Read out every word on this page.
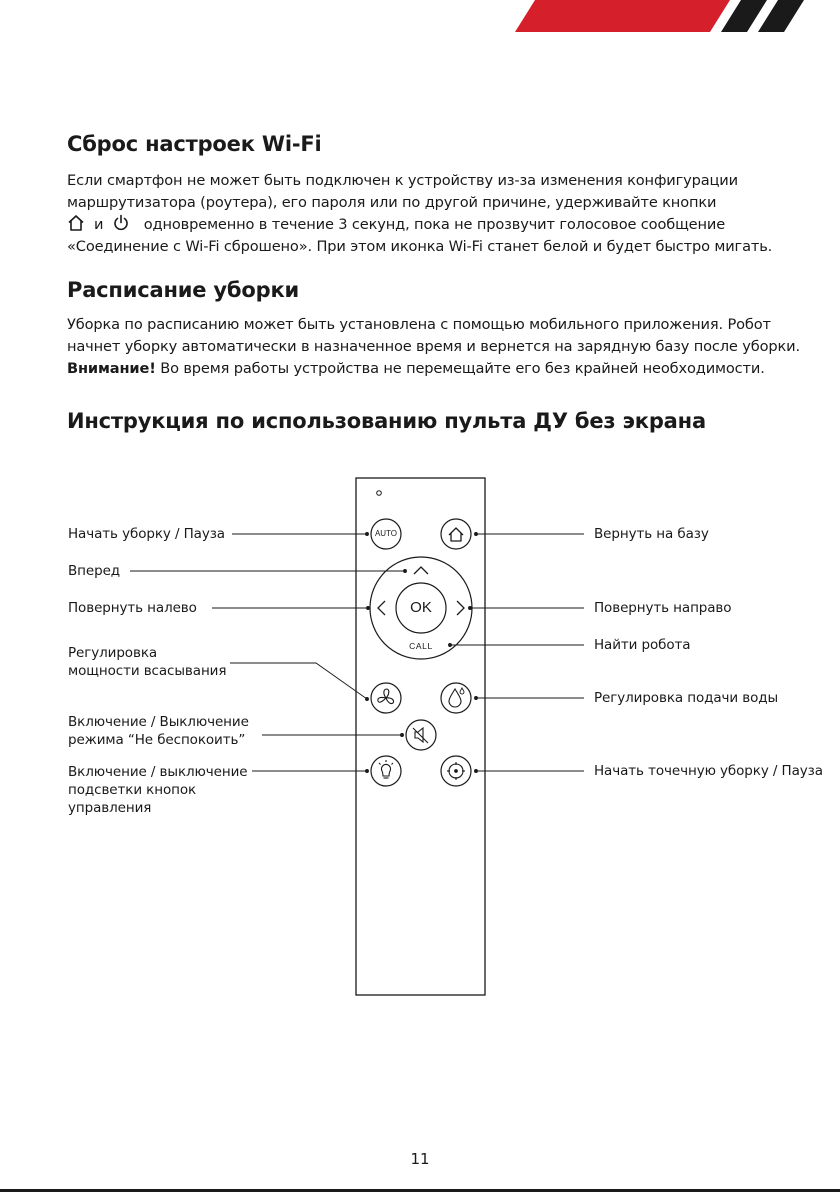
Сброс настроек Wi-Fi
Если смартфон не может быть подключен к устройству из-за изменения конфигурации
маршрутизатора (роутера), его пароля или по другой причине, удерживайте кнопки
и	одновременно в течение 3 секунд, пока не прозвучит голосовое сообщение
«Соединение с Wi-Fi сброшено». При этом иконка Wi-Fi станет белой и будет быстро мигать.
Расписание уборки
Уборка по расписанию может быть установлена с помощью мобильного приложения. Робот
начнет уборку автоматически в назначенное время и вернется на зарядную базу после уборки.
Внимание! Во время работы устройства не перемещайте его без крайней необходимости.
Инструкция по использованию пульта ДУ без экрана
AUTO
OK
CALL
Начать уборку / Пауза
Вперед
Повернуть налево
Регулировка
мощности всасывания
Включение / Выключение
режима “Не беспокоить”
Включение / выключение
подсветки кнопок
управления
Вернуть на базу
Повернуть направо
Найти робота
Регулировка подачи воды
Начать точечную уборку / Пауза
11
